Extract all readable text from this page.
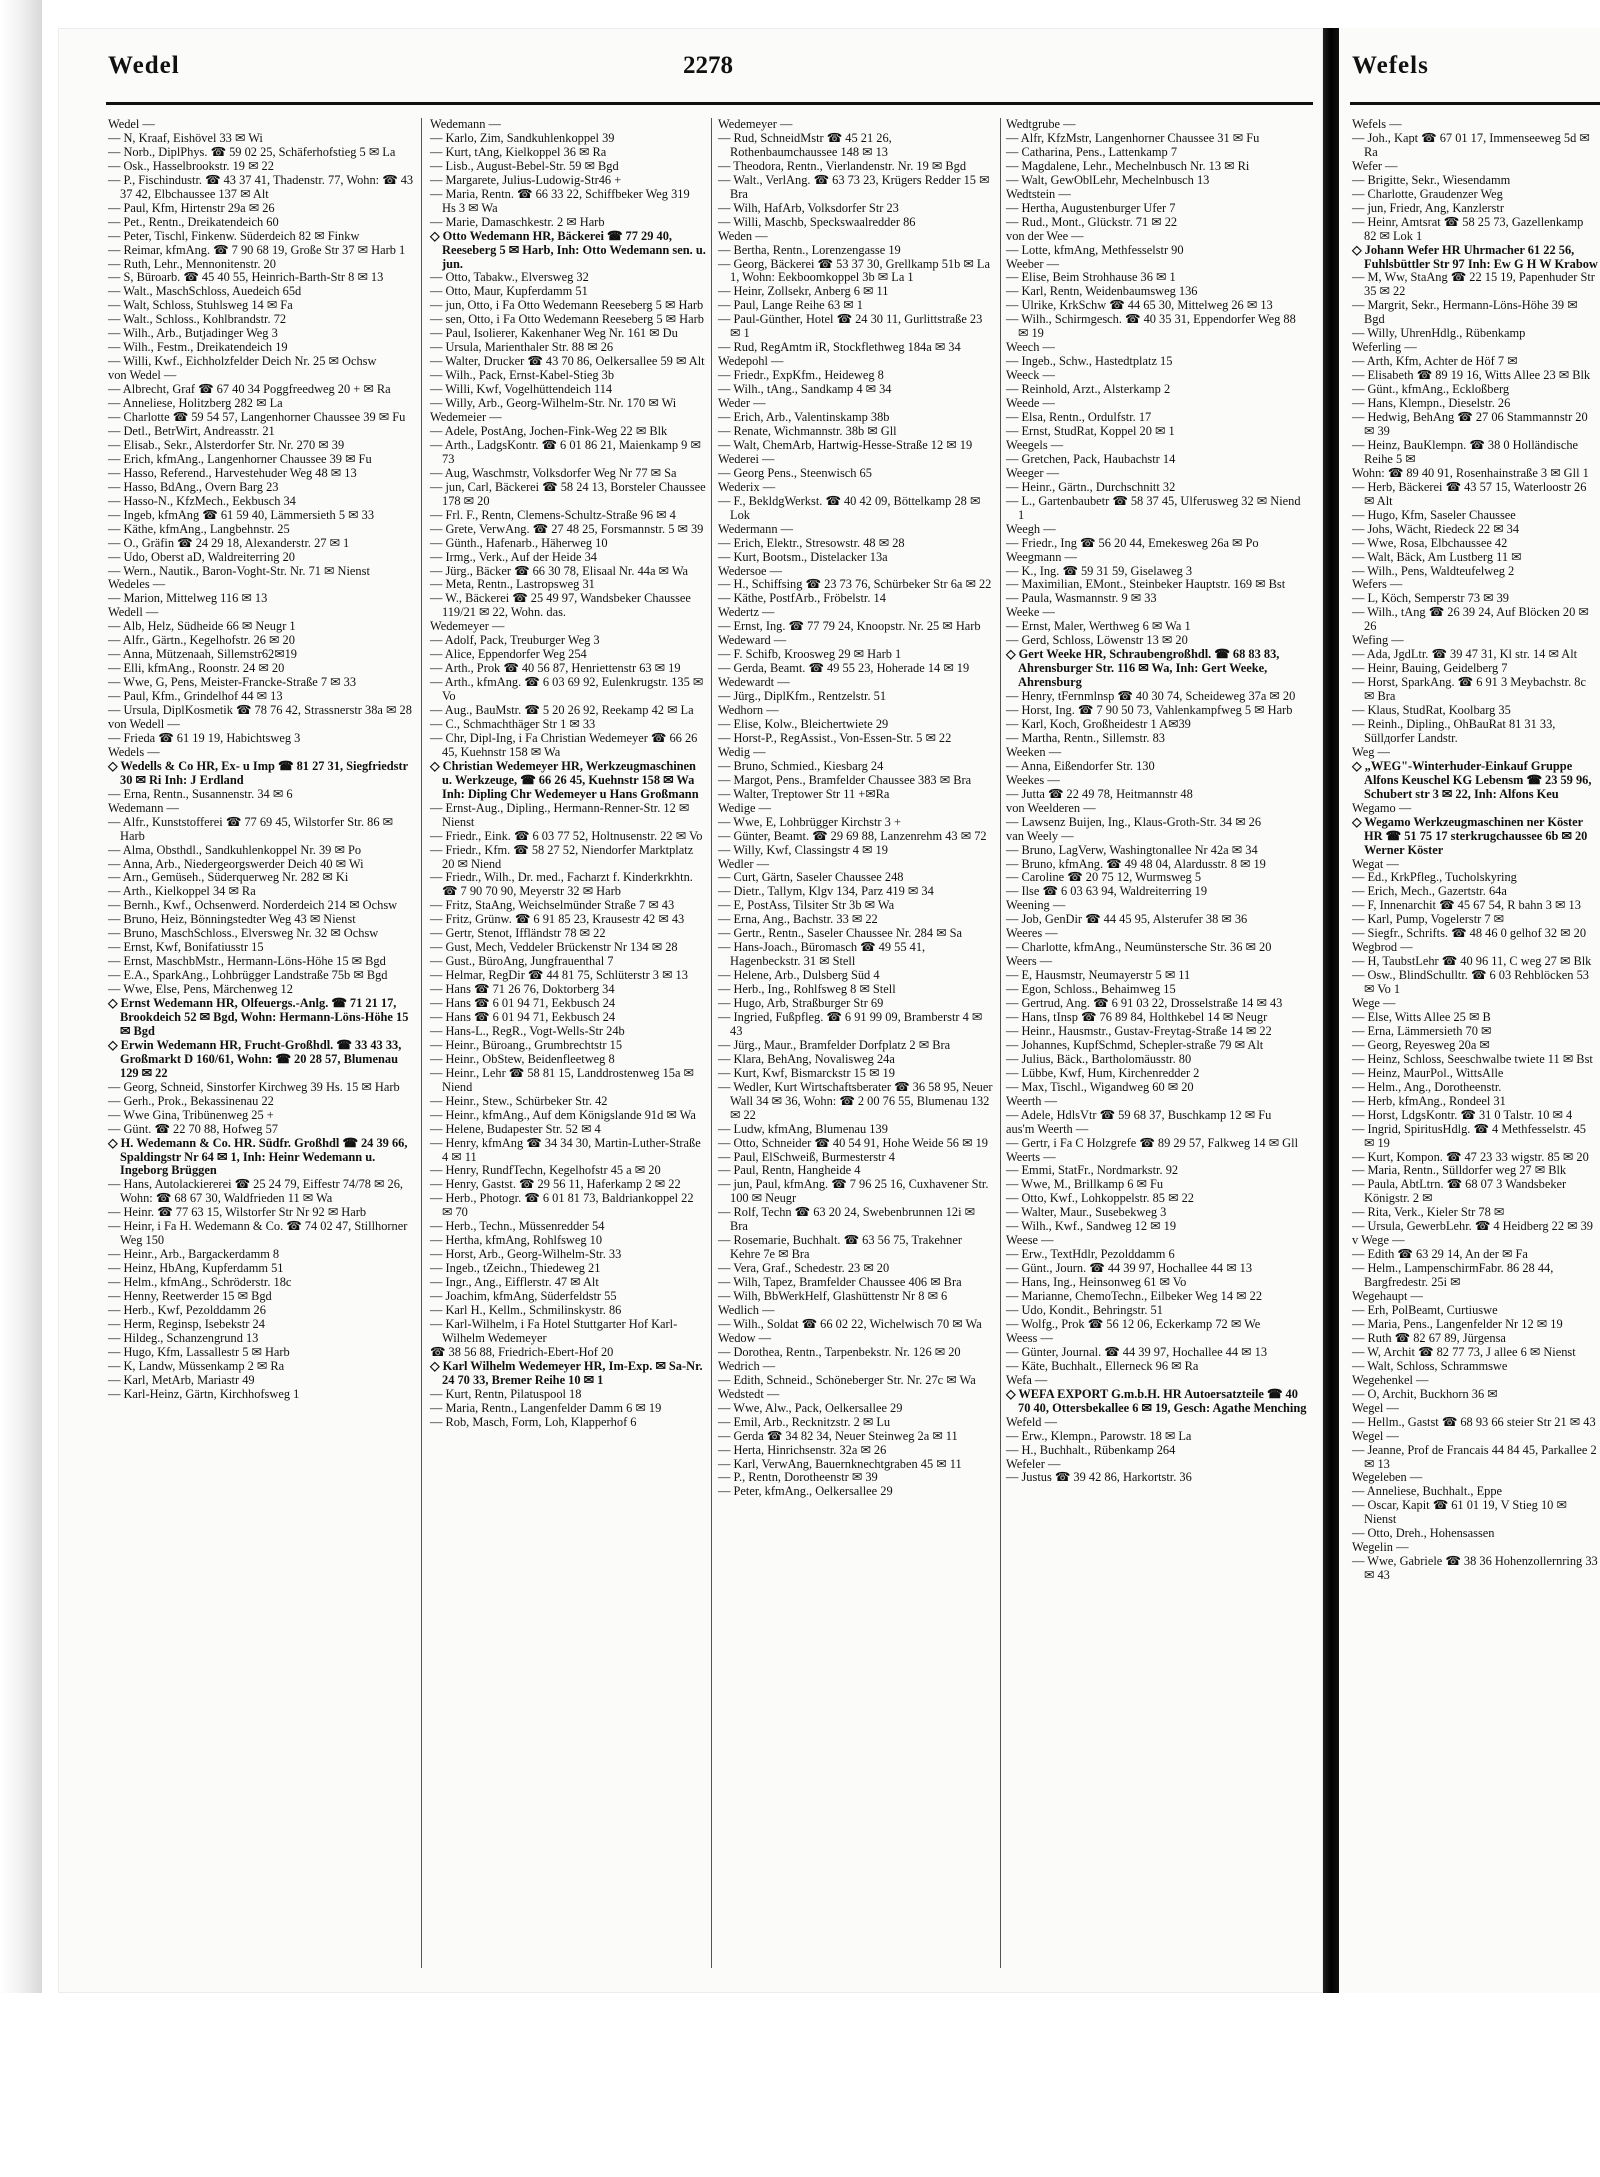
Wedel	2278	Wefels

Wedel —

— N, Kraaf, Eishövel 33 ✉ Wi

— Norb., DiplPhys. ☎ 59 02 25, Schäferhofstieg 5 ✉ La

— Osk., Hasselbrookstr. 19 ✉ 22

— P., Fischindustr. ☎ 43 37 41, Thadenstr. 77, Wohn: ☎ 43 37 42, Elbchaussee 137 ✉ Alt

— Paul, Kfm, Hirtenstr 29a ✉ 26

— Pet., Rentn., Dreikatendeich 60

— Peter, Tischl, Finkenw. Süderdeich 82 ✉ Finkw

— Reimar, kfmAng. ☎ 7 90 68 19, Große Str 37 ✉ Harb 1

— Ruth, Lehr., Mennonitenstr. 20

— S, Büroarb. ☎ 45 40 55, Heinrich-Barth-Str 8 ✉ 13

— Walt., MaschSchloss, Auedeich 65d

— Walt, Schloss, Stuhlsweg 14 ✉ Fa

— Walt., Schloss., Kohlbrandstr. 72

— Wilh., Arb., Butjadinger Weg 3

— Wilh., Festm., Dreikatendeich 19

— Willi, Kwf., Eichholzfelder Deich Nr. 25 ✉ Ochsw

von Wedel —

— Albrecht, Graf ☎ 67 40 34 Poggfreedweg 20 + ✉ Ra

— Anneliese, Holitzberg 282 ✉ La

— Charlotte ☎ 59 54 57, Langenhorner Chaussee 39 ✉ Fu

— Detl., BetrWirt, Andreasstr. 21

— Elisab., Sekr., Alsterdorfer Str. Nr. 270 ✉ 39

— Erich, kfmAng., Langenhorner Chaussee 39 ✉ Fu

— Hasso, Referend., Harvestehuder Weg 48 ✉ 13

— Hasso, BdAng., Overn Barg 23

— Hasso-N., KfzMech., Eekbusch 34

— Ingeb, kfmAng ☎ 61 59 40, Lämmersieth 5 ✉ 33

— Käthe, kfmAng., Langbehnstr. 25

— O., Gräfin ☎ 24 29 18, Alexanderstr. 27 ✉ 1

— Udo, Oberst aD, Waldreiterring 20

— Wern., Nautik., Baron-Voght-Str. Nr. 71 ✉ Nienst

Wedeles —

— Marion, Mittelweg 116 ✉ 13

Wedell —

— Alb, Helz, Südheide 66 ✉ Neugr 1

— Alfr., Gärtn., Kegelhofstr. 26 ✉ 20

— Anna, Mützenaah, Sillemstr62✉19

— Elli, kfmAng., Roonstr. 24 ✉ 20

— Wwe, G, Pens, Meister-Francke-Straße 7 ✉ 33

— Paul, Kfm., Grindelhof 44 ✉ 13

— Ursula, DiplKosmetik ☎ 78 76 42, Strassnerstr 38a ✉ 28

von Wedell —

— Frieda ☎ 61 19 19, Habichtsweg 3

Wedels —

◇ Wedells & Co HR, Ex- u Imp ☎ 81 27 31, Siegfriedstr 30 ✉ Ri Inh: J Erdland

— Erna, Rentn., Susannenstr. 34 ✉ 6

Wedemann —

— Alfr., Kunststofferei ☎ 77 69 45, Wilstorfer Str. 86 ✉ Harb

— Alma, Obsthdl., Sandkuhlenkoppel Nr. 39 ✉ Po

— Anna, Arb., Niedergeorgswerder Deich 40 ✉ Wi

— Arn., Gemüseh., Süderquerweg Nr. 282 ✉ Ki

— Arth., Kielkoppel 34 ✉ Ra

— Bernh., Kwf., Ochsenwerd. Norderdeich 214 ✉ Ochsw

— Bruno, Heiz, Bönningstedter Weg 43 ✉ Nienst

— Bruno, MaschSchloss., Elversweg Nr. 32 ✉ Ochsw

— Ernst, Kwf, Bonifatiusstr 15

— Ernst, MaschbMstr., Hermann-Löns-Höhe 15 ✉ Bgd

— E.A., SparkAng., Lohbrügger Landstraße 75b ✉ Bgd

— Wwe, Else, Pens, Märchenweg 12

◇ Ernst Wedemann HR, Olfeuergs.-Anlg. ☎ 71 21 17, Brookdeich 52 ✉ Bgd, Wohn: Hermann-Löns-Höhe 15 ✉ Bgd

◇ Erwin Wedemann HR, Frucht-Großhdl. ☎ 33 43 33, Großmarkt D 160/61, Wohn: ☎ 20 28 57, Blumenau 129 ✉ 22

— Georg, Schneid, Sinstorfer Kirchweg 39 Hs. 15 ✉ Harb

— Gerh., Prok., Bekassinenau 22

— Wwe Gina, Tribünenweg 25 +

— Günt. ☎ 22 70 88, Hofweg 57

◇ H. Wedemann & Co. HR. Südfr. Großhdl ☎ 24 39 66, Spaldingstr Nr 64 ✉ 1, Inh: Heinr Wedemann u. Ingeborg Brüggen

— Hans, Autolackiererei ☎ 25 24 79, Eiffestr 74/78 ✉ 26, Wohn: ☎ 68 67 30, Waldfrieden 11 ✉ Wa

— Heinr. ☎ 77 63 15, Wilstorfer Str Nr 92 ✉ Harb

— Heinr, i Fa H. Wedemann & Co. ☎ 74 02 47, Stillhorner Weg 150

— Heinr., Arb., Bargackerdamm 8

— Heinz, HbAng, Kupferdamm 51

— Helm., kfmAng., Schröderstr. 18c

— Henny, Reetwerder 15 ✉ Bgd

— Herb., Kwf, Pezolddamm 26

— Herm, Reginsp, Isebekstr 24

— Hildeg., Schanzengrund 13

— Hugo, Kfm, Lassallestr 5 ✉ Harb

— K, Landw, Müssenkamp 2 ✉ Ra

— Karl, MetArb, Mariastr 49

— Karl-Heinz, Gärtn, Kirchhofsweg 1

Wedemann —

— Karlo, Zim, Sandkuhlenkoppel 39

— Kurt, tAng, Kielkoppel 36 ✉ Ra

— Lisb., August-Bebel-Str. 59 ✉ Bgd

— Margarete, Julius-Ludowig-Str46 +

— Maria, Rentn. ☎ 66 33 22, Schiffbeker Weg 319 Hs 3 ✉ Wa

— Marie, Damaschkestr. 2 ✉ Harb

◇ Otto Wedemann HR, Bäckerei ☎ 77 29 40, Reeseberg 5 ✉ Harb, Inh: Otto Wedemann sen. u. jun.

— Otto, Tabakw., Elversweg 32

— Otto, Maur, Kupferdamm 51

— jun, Otto, i Fa Otto Wedemann Reeseberg 5 ✉ Harb

— sen, Otto, i Fa Otto Wedemann Reeseberg 5 ✉ Harb

— Paul, Isolierer, Kakenhaner Weg Nr. 161 ✉ Du

— Ursula, Marienthaler Str. 88 ✉ 26

— Walter, Drucker ☎ 43 70 86, Oelkersallee 59 ✉ Alt

— Wilh., Pack, Ernst-Kabel-Stieg 3b

— Willi, Kwf, Vogelhüttendeich 114

— Willy, Arb., Georg-Wilhelm-Str. Nr. 170 ✉ Wi

Wedemeier —

— Adele, PostAng, Jochen-Fink-Weg 22 ✉ Blk

— Arth., LadgsKontr. ☎ 6 01 86 21, Maienkamp 9 ✉ 73

— Aug, Waschmstr, Volksdorfer Weg Nr 77 ✉ Sa

— jun, Carl, Bäckerei ☎ 58 24 13, Borsteler Chaussee 178 ✉ 20

— Frl. F., Rentn, Clemens-Schultz-Straße 96 ✉ 4

— Grete, VerwAng. ☎ 27 48 25, Forsmannstr. 5 ✉ 39

— Günth., Hafenarb., Häherweg 10

— Irmg., Verk., Auf der Heide 34

— Jürg., Bäcker ☎ 66 30 78, Elisaal Nr. 44a ✉ Wa

— Meta, Rentn., Lastropsweg 31

— W., Bäckerei ☎ 25 49 97, Wandsbeker Chaussee 119/21 ✉ 22, Wohn. das.

Wedemeyer —

— Adolf, Pack, Treuburger Weg 3

— Alice, Eppendorfer Weg 254

— Arth., Prok ☎ 40 56 87, Henriettenstr 63 ✉ 19

— Arth., kfmAng. ☎ 6 03 69 92, Eulenkrugstr. 135 ✉ Vo

— Aug., BauMstr. ☎ 5 20 26 92, Reekamp 42 ✉ La

— C., Schmachthäger Str 1 ✉ 33

— Chr, Dipl-Ing, i Fa Christian Wedemeyer ☎ 66 26 45, Kuehnstr 158 ✉ Wa

◇ Christian Wedemeyer HR, Werkzeugmaschinen u. Werkzeuge, ☎ 66 26 45, Kuehnstr 158 ✉ Wa Inh: Dipling Chr Wedemeyer u Hans Großmann

— Ernst-Aug., Dipling., Hermann-Renner-Str. 12 ✉ Nienst

— Friedr., Eink. ☎ 6 03 77 52, Holtnusenstr. 22 ✉ Vo

— Friedr., Kfm. ☎ 58 27 52, Niendorfer Marktplatz 20 ✉ Niend

— Friedr., Wilh., Dr. med., Facharzt f. Kinderkrkhtn. ☎ 7 90 70 90, Meyerstr 32 ✉ Harb

— Fritz, StaAng, Weichselmünder Straße 7 ✉ 43

— Fritz, Grünw. ☎ 6 91 85 23, Krausestr 42 ✉ 43

— Gertr, Stenot, Iffländstr 78 ✉ 22

— Gust, Mech, Veddeler Brückenstr Nr 134 ✉ 28

— Gust., BüroAng, Jungfrauenthal 7

— Helmar, RegDir ☎ 44 81 75, Schlüterstr 3 ✉ 13

— Hans ☎ 71 26 76, Doktorberg 34

— Hans ☎ 6 01 94 71, Eekbusch 24

— Hans ☎ 6 01 94 71, Eekbusch 24

— Hans-L., RegR., Vogt-Wells-Str 24b

— Heinr., Büroang., Grumbrechtstr 15

— Heinr., ObStew, Beidenfleetweg 8

— Heinr., Lehr ☎ 58 81 15, Landdrostenweg 15a ✉ Niend

— Heinr., Stew., Schürbeker Str. 42

— Heinr., kfmAng., Auf dem Königslande 91d ✉ Wa

— Helene, Budapester Str. 52 ✉ 4

— Henry, kfmAng ☎ 34 34 30, Martin-Luther-Straße 4 ✉ 11

— Henry, RundfTechn, Kegelhofstr 45 a ✉ 20

— Henry, Gastst. ☎ 29 56 11, Haferkamp 2 ✉ 22

— Herb., Photogr. ☎ 6 01 81 73, Baldriankoppel 22 ✉ 70

— Herb., Techn., Müssenredder 54

— Hertha, kfmAng, Rohlfsweg 10

— Horst, Arb., Georg-Wilhelm-Str. 33

— Ingeb., tZeichn., Thiedeweg 21

— Ingr., Ang., Eifflerstr. 47 ✉ Alt

— Joachim, kfmAng, Süderfeldstr 55

— Karl H., Kellm., Schmilinskystr. 86

— Karl-Wilhelm, i Fa Hotel Stuttgarter Hof Karl-Wilhelm Wedemeyer

☎ 38 56 88, Friedrich-Ebert-Hof 20

◇ Karl Wilhelm Wedemeyer HR, Im-Exp. ✉ Sa-Nr. 24 70 33, Bremer Reihe 10 ✉ 1

— Kurt, Rentn, Pilatuspool 18

— Maria, Rentn., Langenfelder Damm 6 ✉ 19

— Rob, Masch, Form, Loh, Klapperhof 6

Wedemeyer —

— Rud, SchneidMstr ☎ 45 21 26, Rothenbaumchaussee 148 ✉ 13

— Theodora, Rentn., Vierlandenstr. Nr. 19 ✉ Bgd

— Walt., VerlAng. ☎ 63 73 23, Krügers Redder 15 ✉ Bra

— Wilh, HafArb, Volksdorfer Str 23

— Willi, Maschb, Speckswaalredder 86

Weden —

— Bertha, Rentn., Lorenzengasse 19

— Georg, Bäckerei ☎ 53 37 30, Grellkamp 51b ✉ La 1, Wohn: Eekboomkoppel 3b ✉ La 1

— Heinr, Zollsekr, Anberg 6 ✉ 11

— Paul, Lange Reihe 63 ✉ 1

— Paul-Günther, Hotel ☎ 24 30 11, Gurlittstraße 23 ✉ 1

— Rud, RegAmtm iR, Stockflethweg 184a ✉ 34

Wedepohl —

— Friedr., ExpKfm., Heideweg 8

— Wilh., tAng., Sandkamp 4 ✉ 34

Weder —

— Erich, Arb., Valentinskamp 38b

— Renate, Wichmannstr. 38b ✉ Gll

— Walt, ChemArb, Hartwig-Hesse-Straße 12 ✉ 19

Wederei —

— Georg Pens., Steenwisch 65

Wederix —

— F., BekldgWerkst. ☎ 40 42 09, Böttelkamp 28 ✉ Lok

Wedermann —

— Erich, Elektr., Stresowstr. 48 ✉ 28

— Kurt, Bootsm., Distelacker 13a

Wedersoe —

— H., Schiffsing ☎ 23 73 76, Schürbeker Str 6a ✉ 22

— Käthe, PostfArb., Fröbelstr. 14

Wedertz —

— Ernst, Ing. ☎ 77 79 24, Knoopstr. Nr. 25 ✉ Harb

Wedeward —

— F. Schifb, Kroosweg 29 ✉ Harb 1

— Gerda, Beamt. ☎ 49 55 23, Hoherade 14 ✉ 19

Wedewardt —

— Jürg., DiplKfm., Rentzelstr. 51

Wedhorn —

— Elise, Kolw., Bleichertwiete 29

— Horst-P., RegAssist., Von-Essen-Str. 5 ✉ 22

Wedig —

— Bruno, Schmied., Kiesbarg 24

— Margot, Pens., Bramfelder Chaussee 383 ✉ Bra

— Walter, Treptower Str 11 +✉Ra

Wedige —

— Wwe, E, Lohbrügger Kirchstr 3 +

— Günter, Beamt. ☎ 29 69 88, Lanzenrehm 43 ✉ 72

— Willy, Kwf, Classingstr 4 ✉ 19

Wedler —

— Curt, Gärtn, Saseler Chaussee 248

— Dietr., Tallym, Klgv 134, Parz 419 ✉ 34

— E, PostAss, Tilsiter Str 3b ✉ Wa

— Erna, Ang., Bachstr. 33 ✉ 22

— Gertr., Rentn., Saseler Chaussee Nr. 284 ✉ Sa

— Hans-Joach., Büromasch ☎ 49 55 41, Hagenbeckstr. 31 ✉ Stell

— Helene, Arb., Dulsberg Süd 4

— Herb., Ing., Rohlfsweg 8 ✉ Stell

— Hugo, Arb, Straßburger Str 69

— Ingried, Fußpfleg. ☎ 6 91 99 09, Bramberstr 4 ✉ 43

— Jürg., Maur., Bramfelder Dorfplatz 2 ✉ Bra

— Klara, BehAng, Novalisweg 24a

— Kurt, Kwf, Bismarckstr 15 ✉ 19

— Wedler, Kurt Wirtschaftsberater ☎ 36 58 95, Neuer Wall 34 ✉ 36, Wohn: ☎ 2 00 76 55, Blumenau 132 ✉ 22

— Ludw, kfmAng, Blumenau 139

— Otto, Schneider ☎ 40 54 91, Hohe Weide 56 ✉ 19

— Paul, ElSchweiß, Burmesterstr 4

— Paul, Rentn, Hangheide 4

— jun, Paul, kfmAng. ☎ 7 96 25 16, Cuxhavener Str. 100 ✉ Neugr

— Rolf, Techn ☎ 63 20 24, Swebenbrunnen 12i ✉ Bra

— Rosemarie, Buchhalt. ☎ 63 56 75, Trakehner Kehre 7e ✉ Bra

— Vera, Graf., Schedestr. 23 ✉ 20

— Wilh, Tapez, Bramfelder Chaussee 406 ✉ Bra

— Wilh, BbWerkHelf, Glashüttenstr Nr 8 ✉ 6

Wedlich —

— Wilh., Soldat ☎ 66 02 22, Wichelwisch 70 ✉ Wa

Wedow —

— Dorothea, Rentn., Tarpenbekstr. Nr. 126 ✉ 20

Wedrich —

— Edith, Schneid., Schöneberger Str. Nr. 27c ✉ Wa

Wedstedt —

— Wwe, Alw., Pack, Oelkersallee 29

— Emil, Arb., Recknitzstr. 2 ✉ Lu

— Gerda ☎ 34 82 34, Neuer Steinweg 2a ✉ 11

— Herta, Hinrichsenstr. 32a ✉ 26

— Karl, VerwAng, Bauernknechtgraben 45 ✉ 11

— P., Rentn, Dorotheenstr ✉ 39

— Peter, kfmAng., Oelkersallee 29

Wedtgrube —

— Alfr, KfzMstr, Langenhorner Chaussee 31 ✉ Fu

— Catharina, Pens., Lattenkamp 7

— Magdalene, Lehr., Mechelnbusch Nr. 13 ✉ Ri

— Walt, GewOblLehr, Mechelnbusch 13

Wedtstein —

— Hertha, Augustenburger Ufer 7

— Rud., Mont., Glückstr. 71 ✉ 22

von der Wee —

— Lotte, kfmAng, Methfesselstr 90

Weeber —

— Elise, Beim Strohhause 36 ✉ 1

— Karl, Rentn, Weidenbaumsweg 136

— Ulrike, KrkSchw ☎ 44 65 30, Mittelweg 26 ✉ 13

— Wilh., Schirmgesch. ☎ 40 35 31, Eppendorfer Weg 88 ✉ 19

Weech —

— Ingeb., Schw., Hastedtplatz 15

Weeck —

— Reinhold, Arzt., Alsterkamp 2

Weede —

— Elsa, Rentn., Ordulfstr. 17

— Ernst, StudRat, Koppel 20 ✉ 1

Weegels —

— Gretchen, Pack, Haubachstr 14

Weeger —

— Heinr., Gärtn., Durchschnitt 32

— L., Gartenbaubetr ☎ 58 37 45, Ulferusweg 32 ✉ Niend 1

Weegh —

— Friedr., Ing ☎ 56 20 44, Emekesweg 26a ✉ Po

Weegmann —

— K., Ing. ☎ 59 31 59, Giselaweg 3

— Maximilian, EMont., Steinbeker Hauptstr. 169 ✉ Bst

— Paula, Wasmannstr. 9 ✉ 33

Weeke —

— Ernst, Maler, Werthweg 6 ✉ Wa 1

— Gerd, Schloss, Löwenstr 13 ✉ 20

◇ Gert Weeke HR, Schraubengroßhdl. ☎ 68 83 83, Ahrensburger Str. 116 ✉ Wa, Inh: Gert Weeke, Ahrensburg

— Henry, tFernmlnsp ☎ 40 30 74, Scheideweg 37a ✉ 20

— Horst, Ing. ☎ 7 90 50 73, Vahlenkampfweg 5 ✉ Harb

— Karl, Koch, Großheidestr 1 A✉39

— Martha, Rentn., Sillemstr. 83

Weeken —

— Anna, Eißendorfer Str. 130

Weekes —

— Jutta ☎ 22 49 78, Heitmannstr 48

von Weelderen —

— Lawsenz Buijen, Ing., Klaus-Groth-Str. 34 ✉ 26

van Weely —

— Bruno, LagVerw, Washingtonallee Nr 42a ✉ 34

— Bruno, kfmAng. ☎ 49 48 04, Alardusstr. 8 ✉ 19

— Caroline ☎ 20 75 12, Wurmsweg 5

— Ilse ☎ 6 03 63 94, Waldreiterring 19

Weening —

— Job, GenDir ☎ 44 45 95, Alsterufer 38 ✉ 36

Weeres —

— Charlotte, kfmAng., Neumünstersche Str. 36 ✉ 20

Weers —

— E, Hausmstr, Neumayerstr 5 ✉ 11

— Egon, Schloss., Behaimweg 15

— Gertrud, Ang. ☎ 6 91 03 22, Drosselstraße 14 ✉ 43

— Hans, tInsp ☎ 76 89 84, Holthkebel 14 ✉ Neugr

— Heinr., Hausmstr., Gustav-Freytag-Straße 14 ✉ 22

— Johannes, KupfSchmd, Schepler-straße 79 ✉ Alt

— Julius, Bäck., Bartholomäusstr. 80

— Lübbe, Kwf, Hum, Kirchenredder 2

— Max, Tischl., Wigandweg 60 ✉ 20

Weerth —

— Adele, HdlsVtr ☎ 59 68 37, Buschkamp 12 ✉ Fu

aus'm Weerth —

— Gertr, i Fa C Holzgrefe ☎ 89 29 57, Falkweg 14 ✉ Gll

Weerts —

— Emmi, StatFr., Nordmarkstr. 92

— Wwe, M., Brillkamp 6 ✉ Fu

— Otto, Kwf., Lohkoppelstr. 85 ✉ 22

— Walter, Maur., Susebekweg 3

— Wilh., Kwf., Sandweg 12 ✉ 19

Weese —

— Erw., TextHdlr, Pezolddamm 6

— Günt., Journ. ☎ 44 39 97, Hochallee 44 ✉ 13

— Hans, Ing., Heinsonweg 61 ✉ Vo

— Marianne, ChemoTechn., Eilbeker Weg 14 ✉ 22

— Udo, Kondit., Behringstr. 51

— Wolfg., Prok ☎ 56 12 06, Eckerkamp 72 ✉ We

Weess —

— Günter, Journal. ☎ 44 39 97, Hochallee 44 ✉ 13

— Käte, Buchhalt., Ellerneck 96 ✉ Ra

Wefa —

◇ WEFA EXPORT G.m.b.H. HR Autoersatzteile ☎ 40 70 40, Ottersbekallee 6 ✉ 19, Gesch: Agathe Menching

Wefeld —

— Erw., Klempn., Parowstr. 18 ✉ La

— H., Buchhalt., Rübenkamp 264

Wefeler —

— Justus ☎ 39 42 86, Harkortstr. 36

Wefels —

— Joh., Kapt ☎ 67 01 17, Immenseeweg 5d ✉ Ra

Wefer —

— Brigitte, Sekr., Wiesendamm

— Charlotte, Graudenzer Weg

— jun, Friedr, Ang, Kanzlerstr

— Heinr, Amtsrat ☎ 58 25 73, Gazellenkamp 82 ✉ Lok 1

◇ Johann Wefer HR Uhrmacher 61 22 56, Fuhlsbüttler Str 97 Inh: Ew G H W Krabow

— M, Ww, StaAng ☎ 22 15 19, Papenhuder Str 35 ✉ 22

— Margrit, Sekr., Hermann-Löns-Höhe 39 ✉ Bgd

— Willy, UhrenHdlg., Rübenkamp

Weferling —

— Arth, Kfm, Achter de Höf 7 ✉

— Elisabeth ☎ 89 19 16, Witts Allee 23 ✉ Blk

— Günt., kfmAng., Eckloßberg

— Hans, Klempn., Dieselstr. 26

— Hedwig, BehAng ☎ 27 06 Stammannstr 20 ✉ 39

— Heinz, BauKlempn. ☎ 38 0 Holländische Reihe 5 ✉

Wohn: ☎ 89 40 91, Rosenhainstraße 3 ✉ Gll 1

— Herb, Bäckerei ☎ 43 57 15, Waterloostr 26 ✉ Alt

— Hugo, Kfm, Saseler Chaussee

— Johs, Wächt, Riedeck 22 ✉ 34

— Wwe, Rosa, Elbchaussee 42

— Walt, Bäck, Am Lustberg 11 ✉

— Wilh., Pens, Waldteufelweg 2

Wefers —

— L, Köch, Semperstr 73 ✉ 39

— Wilh., tAng ☎ 26 39 24, Auf Blöcken 20 ✉ 26

Wefing —

— Ada, JgdLtr. ☎ 39 47 31, Kl str. 14 ✉ Alt

— Heinr, Bauing, Geidelberg 7

— Horst, SparkAng. ☎ 6 91 3 Meybachstr. 8c ✉ Bra

— Klaus, StudRat, Koolbarg 35

— Reinh., Dipling., OhBauRat 81 31 33, Süllдorfer Landstr.

Weg —

◇ „WEG"-Winterhuder-Einkauf Gruppe Alfons Keuschel KG Lebensm ☎ 23 59 96, Schubert str 3 ✉ 22, Inh: Alfons Keu

Wegamo —

◇ Wegamo Werkzeugmaschinen ner Köster HR ☎ 51 75 17 sterkrugchaussee 6b ✉ 20 Werner Köster

Wegat —

— Ed., KrkPfleg., Tucholskyring

— Erich, Mech., Gazertstr. 64a

— F, Innenarchit ☎ 45 67 54, R bahn 3 ✉ 13

— Karl, Pump, Vogelerstr 7 ✉

— Siegfr., Schrifts. ☎ 48 46 0 gelhof 32 ✉ 20

Wegbrod —

— H, TaubstLehr ☎ 40 96 11, C weg 27 ✉ Blk

— Osw., BlindSchulltr. ☎ 6 03 Rehblöcken 53 ✉ Vo 1

Wege —

— Else, Witts Allee 25 ✉ B

— Erna, Lämmersieth 70 ✉

— Georg, Reyesweg 20a ✉

— Heinz, Schloss, Seeschwalbe twiete 11 ✉ Bst

— Heinz, MaurPol., WittsAlle

— Helm., Ang., Dorotheenstr.

— Herb, kfmAng., Rondeel 31

— Horst, LdgsKontr. ☎ 31 0 Talstr. 10 ✉ 4

— Ingrid, SpiritusHdlg. ☎ 4 Methfesselstr. 45 ✉ 19

— Kurt, Kompon. ☎ 47 23 33 wigstr. 85 ✉ 20

— Maria, Rentn., Sülldorfer weg 27 ✉ Blk

— Paula, AbtLtrn. ☎ 68 07 3 Wandsbeker Königstr. 2 ✉

— Rita, Verk., Kieler Str 78 ✉

— Ursula, GewerbLehr. ☎ 4 Heidberg 22 ✉ 39

v Wege —

— Edith ☎ 63 29 14, An der ✉ Fa

— Helm., LampenschirmFabr. 86 28 44, Bargfredestr. 25i ✉

Wegehaupt —

— Erh, PolBeamt, Curtiuswe

— Maria, Pens., Langenfelder Nr 12 ✉ 19

— Ruth ☎ 82 67 89, Jürgensa

— W, Archit ☎ 82 77 73, J allee 6 ✉ Nienst

— Walt, Schloss, Schrammswe

Wegehenkel —

— O, Archit, Buckhorn 36 ✉

Wegel —

— Hellm., Gastst ☎ 68 93 66 steier Str 21 ✉ 43

Wegel —

— Jeanne, Prof de Francais 44 84 45, Parkallee 2 ✉ 13

Wegeleben —

— Anneliese, Buchhalt., Eppe

— Oscar, Kapit ☎ 61 01 19, V Stieg 10 ✉ Nienst

— Otto, Dreh., Hohensassen

Wegelin —

— Wwe, Gabriele ☎ 38 36 Hohenzollernring 33 ✉ 43
